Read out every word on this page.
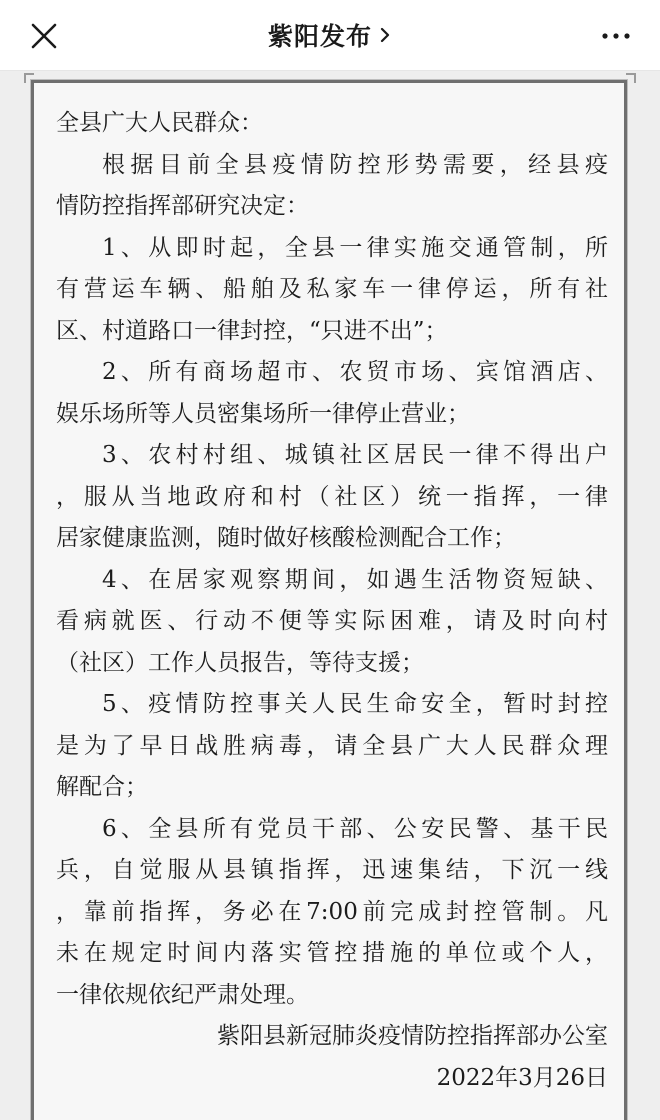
紫阳发布
全县广大人民群众：
根据目前全县疫情防控形势需要，经县疫
情防控指挥部研究决定：
1、从即时起，全县一律实施交通管制，所
有营运车辆、船舶及私家车一律停运，所有社
区、村道路口一律封控，“只进不出”；
2、所有商场超市、农贸市场、宾馆酒店、
娱乐场所等人员密集场所一律停止营业；
3、农村村组、城镇社区居民一律不得出户
，服从当地政府和村（社区）统一指挥，一律
居家健康监测，随时做好核酸检测配合工作；
4、在居家观察期间，如遇生活物资短缺、
看病就医、行动不便等实际困难，请及时向村
（社区）工作人员报告，等待支援；
5、疫情防控事关人民生命安全，暂时封控
是为了早日战胜病毒，请全县广大人民群众理
解配合；
6、全县所有党员干部、公安民警、基干民
兵，自觉服从县镇指挥，迅速集结，下沉一线
，靠前指挥，务必在7:00前完成封控管制。凡
未在规定时间内落实管控措施的单位或个人，
一律依规依纪严肃处理。
紫阳县新冠肺炎疫情防控指挥部办公室
2022年3月26日
